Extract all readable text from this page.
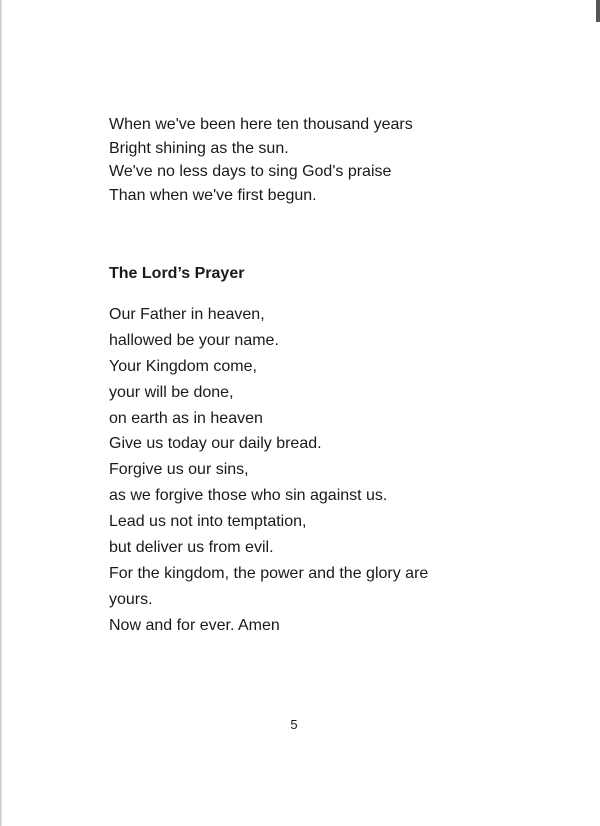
When we've been here ten thousand years
Bright shining as the sun.
We've no less days to sing God's praise
Than when we've first begun.
The Lord’s Prayer
Our Father in heaven,
hallowed be your name.
Your Kingdom come,
your will be done,
on earth as in heaven
Give us today our daily bread.
Forgive us our sins,
as we forgive those who sin against us.
Lead us not into temptation,
but deliver us from evil.
For the kingdom, the power and the glory are
yours.
Now and for ever. Amen
5
